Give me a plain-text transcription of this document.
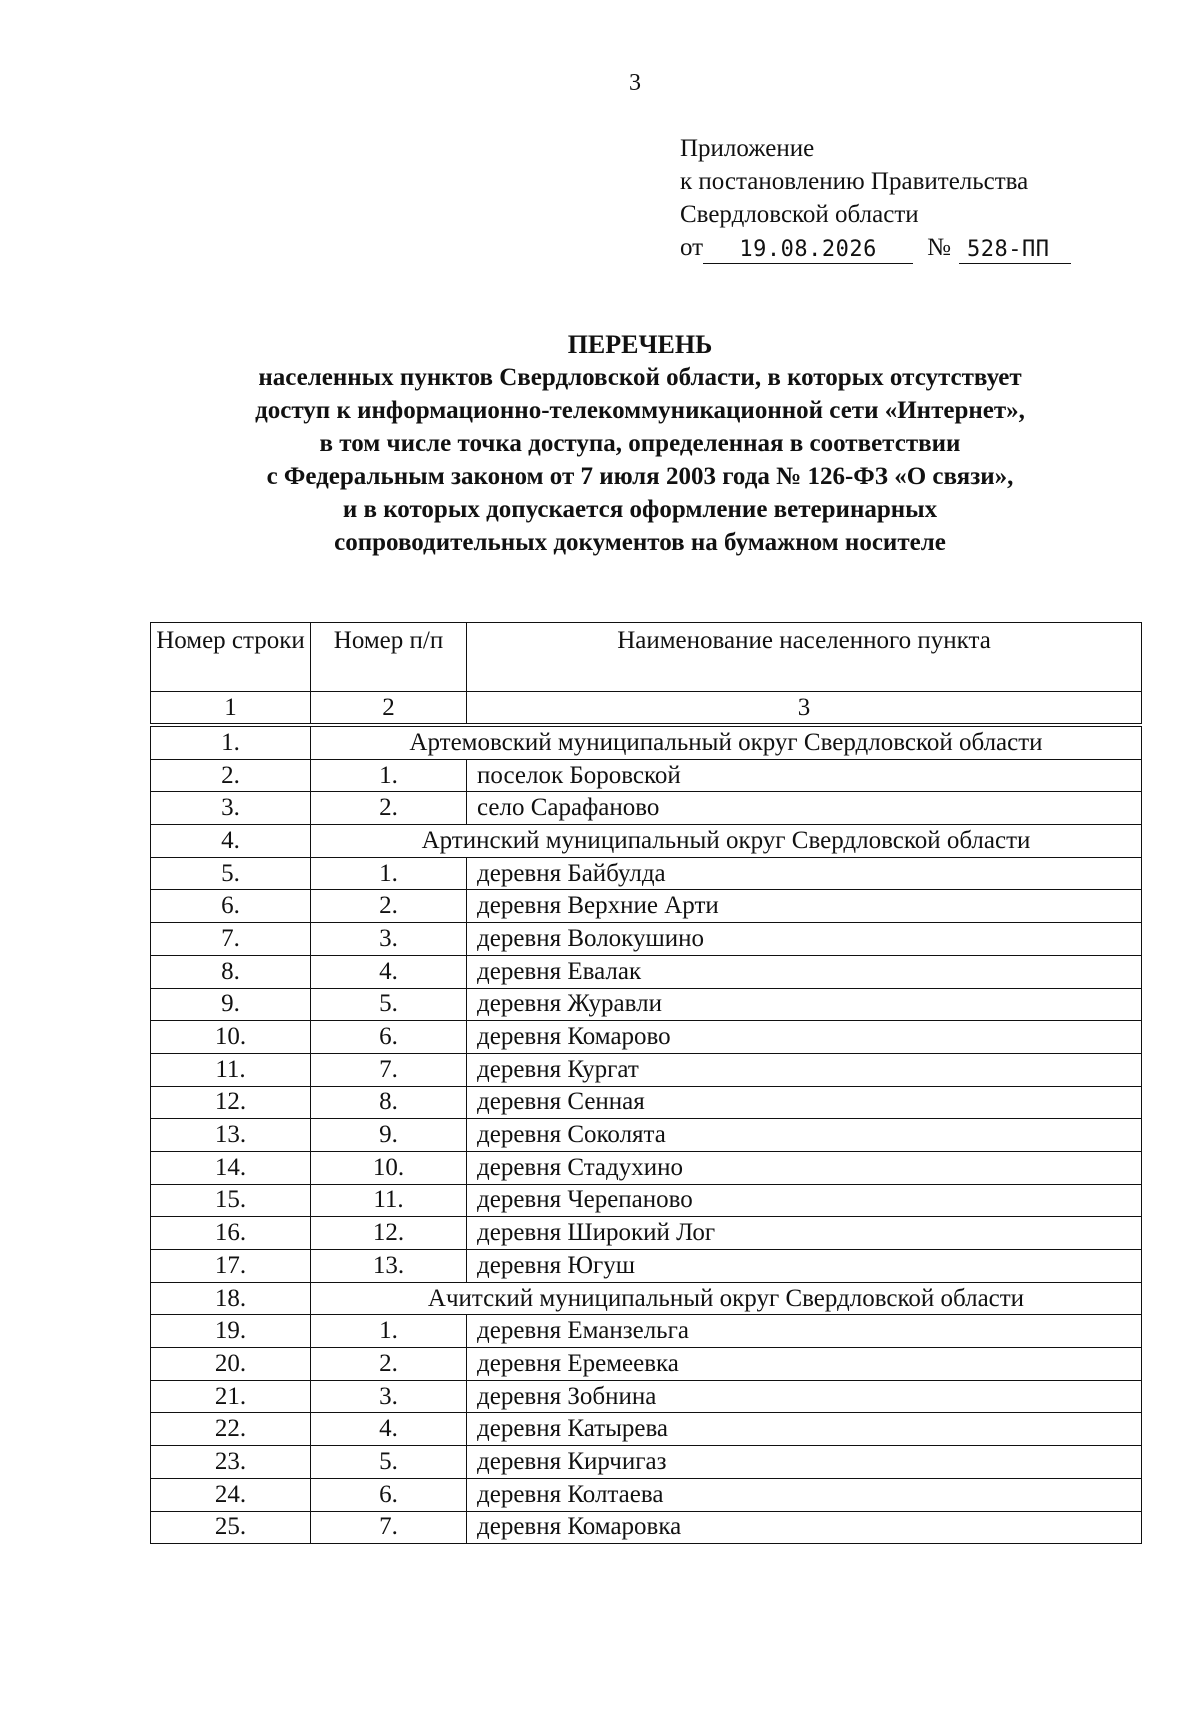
3
Приложение
к постановлению Правительства
Свердловской области
от	19.08.2026	№ 528-ПП
ПЕРЕЧЕНЬ
населенных пунктов Свердловской области, в которых отсутствует
доступ к информационно-телекоммуникационной сети «Интернет»,
в том числе точка доступа, определенная в соответствии
с Федеральным законом от 7 июля 2003 года № 126-ФЗ «О связи»,
и в которых допускается оформление ветеринарных
сопроводительных документов на бумажном носителе
Номер строки	Номер п/п	Наименование населенного пункта
1	2	3
1.	Артемовский муниципальный округ Свердловской области	
2.	1.	поселок Боровской
3.	2.	село Сарафаново
4.	Артинский муниципальный округ Свердловской области	
5.	1.	деревня Байбулда
6.	2.	деревня Верхние Арти
7.	3.	деревня Волокушино
8.	4.	деревня Евалак
9.	5.	деревня Журавли
10.	6.	деревня Комарово
11.	7.	деревня Кургат
12.	8.	деревня Сенная
13.	9.	деревня Соколята
14.	10.	деревня Стадухино
15.	11.	деревня Черепаново
16.	12.	деревня Широкий Лог
17.	13.	деревня Югуш
18.	Ачитский муниципальный округ Свердловской области	
19.	1.	деревня Еманзельга
20.	2.	деревня Еремеевка
21.	3.	деревня Зобнина
22.	4.	деревня Катырева
23.	5.	деревня Кирчигаз
24.	6.	деревня Колтаева
25.	7.	деревня Комаровка
